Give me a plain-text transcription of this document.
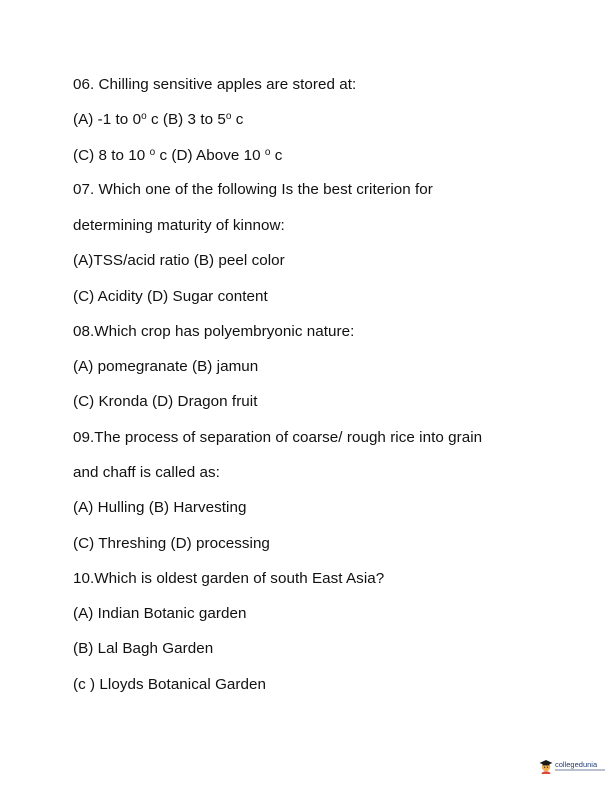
06. Chilling sensitive apples are stored at:
(A) -1 to 0$^o$ c (B) 3 to 5$^o$ c
(C) 8 to 10 $^o$ c (D) Above 10 $^o$ c
07. Which one of the following Is the best criterion for
determining maturity of kinnow:
(A)TSS/acid ratio (B) peel color
(C) Acidity (D) Sugar content
08.Which crop has polyembryonic nature:
(A) pomegranate (B) jamun
(C) Kronda (D) Dragon fruit
09.The process of separation of coarse/ rough rice into grain
and chaff is called as:
(A) Hulling (B) Harvesting
(C) Threshing (D) processing
10.Which is oldest garden of south East Asia?
(A) Indian Botanic garden
(B) Lal Bagh Garden
(c ) Lloyds Botanical Garden
collegedunia
